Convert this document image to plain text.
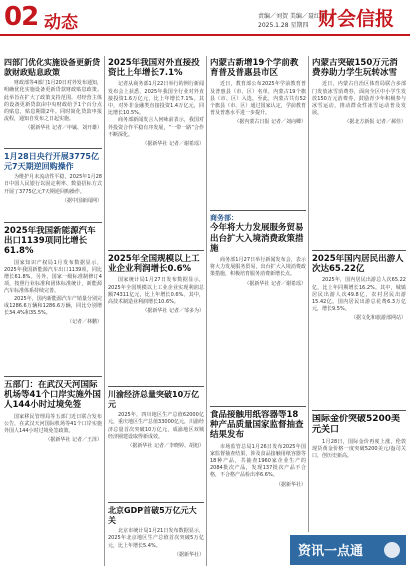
02 动态	责编／刘贺 美编／聂红霞
2025.1.28 星期四 财会信报
四部门优化实施设备更新贷款财政贴息政策

财政部等4部门1月20日对外发布通知，明确优化实施设备更新贷款财政贴息政策。此举旨在扩大了政策支持范围，对经营主体的设备更新贷款由中央财政给予1个百分点的贴息，贴息期限2年。同时简化贷款申报流程，通知自发布之日起实施。

（据新华社 记者／申铖、刘开雄）
1月28日央行开展3775亿元7天期逆回购操作

为维护月末流动性平稳，2025年1月28日中国人民银行以固定利率、数量招标方式开展了3775亿元7天期逆回购操作。

（据中国新闻网）
2025年我国新能源汽车出口1139项同比增长61.8%

国家知识产权局1月发布数据显示，2025年我国新能源汽车出口1139项，同比增长61.8%。另外，国家一级标准制修订4项，按照行业标准和团体标准统计，新能源汽车标准体系持续完善。

2025年，国内新能源汽车产销量分别完成1286.6万辆和1286.6万辆，同比分别增长34.4%和35.5%。

（记者／林鹏）
五部门：在武汉天河国际机场等41个口岸实施外国人144小时过境免签

国家移民管理局等五部门近日联合发布公告，在武汉天河国际机场等41个口岸实施外国人144小时过境免签政策。

（据新华社 记者／王泽）
2025年我国对外直接投资比上年增长7.1%

记者从商务部1月22日举行的例行新闻发布会上获悉，2025年我国全行业对外直接投资1.6万亿元，比上年增长7.1%。其中，对外非金融类直接投资1.4万亿元，同比增长10.5%。

商务部新闻发言人何咏前表示，我国对外投资合作平稳有序发展，“一带一路”合作不断深化。

（据新华社 记者／谢希瑶）
2025年全国规模以上工业企业利润增长0.6%

国家统计局1月27日发布数据显示，2025年全国规模以上工业企业实现利润总额74311亿元，比上年增长0.6%。其中，高技术制造业利润增长10.6%。

（据新华社 记者／邹多为）
川渝经济总量突破10万亿元

2025年，四川地区生产总值62000亿元，重庆地区生产总值33000亿元，川渝经济总量首次突破10万亿元，成渝地区双城经济圈建设取得新成效。

（据新华社 记者／李晓婷、胡旭）
北京GDP首破5万亿元大关

北京市统计局1月21日发布数据显示，2025年北京地区生产总值首次突破5万亿元，比上年增长5.4%。

（据新华社）
内蒙古新增19个学前教育普及普惠县市区

近日，教育部公布2025年学前教育普及普惠县（市、区）名单，内蒙古19个旗县（市、区）入选。至此，内蒙古共有52个旗县（市、区）通过国家认定，学前教育普及普惠水平进一步提升。

（据内蒙古日报 记者／刘向卿）
商务部：
今年将大力发展服务贸易出台扩大入境消费政策措施

商务部1月27日举行新闻发布会，表示将大力发展服务贸易，出台扩大入境消费政策措施，积极培育服务消费新增长点。

（据新华社 记者／谢希瑶）
食品接触用纸容器等18种产品质量国家监督抽查结果发布

市场监管总局1月26日发布2025年国家监督抽查结果，涉及食品接触用纸容器等18种产品，共抽查1960家企业生产的2084批次产品，发现137批次产品不合格，不合格产品检出率6.6%。

（据新华社）
内蒙古突破150万元消费券助力学生玩转冰雪

近日，内蒙古自治区体育局联合多部门发放冰雪消费券，面向全区中小学生发放150万元消费券，鼓励青少年积极参与冰雪运动，推动群众性冰雪运动普及发展。

（据北方新报 记者／郝佳）
2025年国内居民出游人次达65.22亿

2025年，国内居民出游总人次65.22亿，比上年同期增长16.2%。其中，城镇居民出游人次49.8亿，农村居民出游15.42亿。国内居民出游总花费6.3万亿元，增长9.5%。

（据文化和旅游部网站）
国际金价突破5200美元关口

1月28日，国际金价再度上涨，伦敦现货黄金价格一度突破5200美元/盎司关口，创历史新高。

资讯一点通
